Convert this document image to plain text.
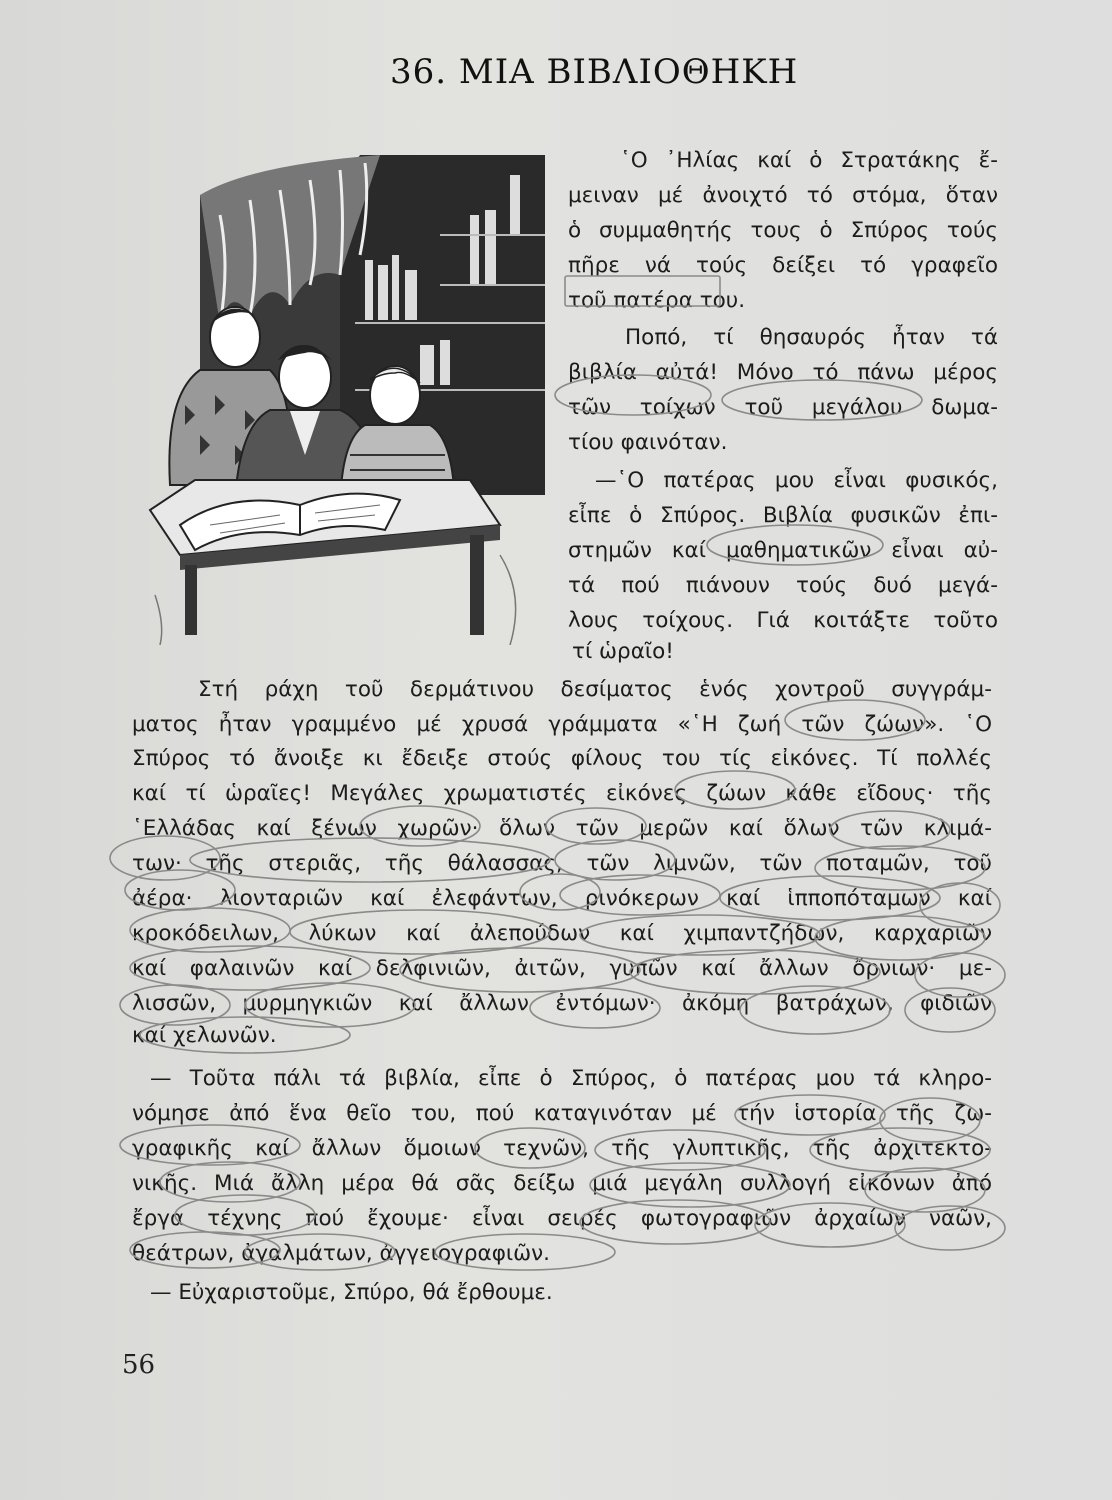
36. ΜΙΑ ΒΙΒΛΙΟΘΗΚΗ
῾Ο ᾿Ηλίας καί ὁ Στρατάκης ἔ-
μειναν μέ ἀνοιχτό τό στόμα, ὅταν
ὁ συμμαθητής τους ὁ Σπύρος τούς
πῆρε νά τούς δείξει τό γραφεῖο
τοῦ πατέρα του.
Ποπό, τί θησαυρός ἦταν τά
βιβλία αὐτά! Μόνο τό πάνω μέρος
τῶν τοίχων τοῦ μεγάλου δωμα-
τίου φαινόταν.
—῾Ο πατέρας μου εἶναι φυσικός,
εἶπε ὁ Σπύρος. Βιβλία φυσικῶν ἐπι-
στημῶν καί μαθηματικῶν εἶναι αὐ-
τά πού πιάνουν τούς δυό μεγά-
λους τοίχους. Γιά κοιτάξτε τοῦτο
τί ὡραῖο!
Στή ράχη τοῦ δερμάτινου δεσίματος ἑνός χοντροῦ συγγράμ-
ματος ἦταν γραμμένο μέ χρυσά γράμματα «῾Η ζωή τῶν ζώων». ῾Ο
Σπύρος τό ἄνοιξε κι ἔδειξε στούς φίλους του τίς εἰκόνες. Τί πολλές
καί τί ὡραῖες! Μεγάλες χρωματιστές εἰκόνες ζώων κάθε εἴδους· τῆς
῾Ελλάδας καί ξένων χωρῶν· ὅλων τῶν μερῶν καί ὅλων τῶν κλιμά-
των· τῆς στεριᾶς, τῆς θάλασσας, τῶν λιμνῶν, τῶν ποταμῶν, τοῦ
ἀέρα· λιονταριῶν καί ἐλεφάντων, ρινόκερων καί ἱπποπόταμων καί
κροκόδειλων, λύκων καί ἀλεπούδων καί χιμπαντζήδων, καρχαριῶν
καί φαλαινῶν καί δελφινιῶν, ἀιτῶν, γυπῶν καί ἄλλων ὄρνιων· με-
λισσῶν, μυρμηγκιῶν καί ἄλλων ἐντόμων· ἀκόμη βατράχων, φιδιῶν
καί χελωνῶν.
— Τοῦτα πάλι τά βιβλία, εἶπε ὁ Σπύρος, ὁ πατέρας μου τά κληρο-
νόμησε ἀπό ἕνα θεῖο του, πού καταγινόταν μέ τήν ἱστορία τῆς ζω-
γραφικῆς καί ἄλλων ὅμοιων τεχνῶν, τῆς γλυπτικῆς, τῆς ἀρχιτεκτο-
νικῆς. Μιά ἄλλη μέρα θά σᾶς δείξω μιά μεγάλη συλλογή εἰκόνων ἀπό
ἔργα τέχνης πού ἔχουμε· εἶναι σειρές φωτογραφιῶν ἀρχαίων ναῶν,
θεάτρων, ἀγαλμάτων, ἀγγειογραφιῶν.
— Εὐχαριστοῦμε, Σπύρο, θά ἔρθουμε.
56
